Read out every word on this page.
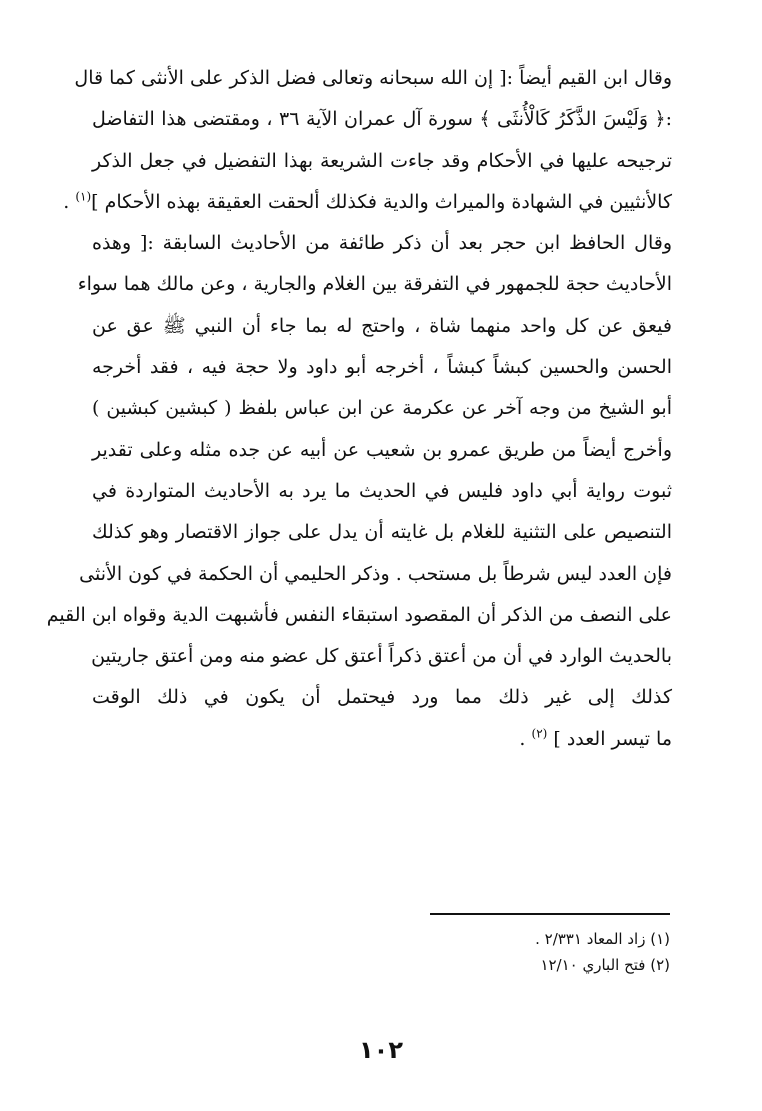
وقال ابن القيم أيضاً :[ إن الله سبحانه وتعالى فضل الذكر على الأنثى كما قال
:﴿ وَلَيْسَ الذَّكَرُ كَالْأُنثَى ﴾ سورة آل عمران الآية ٣٦ ، ومقتضى هذا التفاضل
ترجيحه عليها في الأحكام وقد جاءت الشريعة بهذا التفضيل في جعل الذكر
كالأنثيين في الشهادة والميراث والدية فكذلك ألحقت العقيقة بهذه الأحكام ]$^{(١)}$ .
وقال الحافظ ابن حجر بعد أن ذكر طائفة من الأحاديث السابقة :[ وهذه
الأحاديث حجة للجمهور في التفرقة بين الغلام والجارية ، وعن مالك هما سواء
فيعق عن كل واحد منهما شاة ، واحتج له بما جاء أن النبي ﷺ عق عن
الحسن والحسين كبشاً كبشاً ، أخرجه أبو داود ولا حجة فيه ، فقد أخرجه
أبو الشيخ من وجه آخر عن عكرمة عن ابن عباس بلفظ ( كبشين كبشين )
وأخرج أيضاً من طريق عمرو بن شعيب عن أبيه عن جده مثله وعلى تقدير
ثبوت رواية أبي داود فليس في الحديث ما يرد به الأحاديث المتواردة في
التنصيص على التثنية للغلام بل غايته أن يدل على جواز الاقتصار وهو كذلك
فإن العدد ليس شرطاً بل مستحب . وذكر الحليمي أن الحكمة في كون الأنثى
على النصف من الذكر أن المقصود استبقاء النفس فأشبهت الدية وقواه ابن القيم
بالحديث الوارد في أن من أعتق ذكراً أعتق كل عضو منه ومن أعتق جاريتين
كذلك إلى غير ذلك مما ورد فيحتمل أن يكون في ذلك الوقت
ما تيسر العدد ] $^{(٢)}$ .
(١) زاد المعاد ٢/٣٣١ .
(٢) فتح الباري ١٢/١٠
١٠٢
